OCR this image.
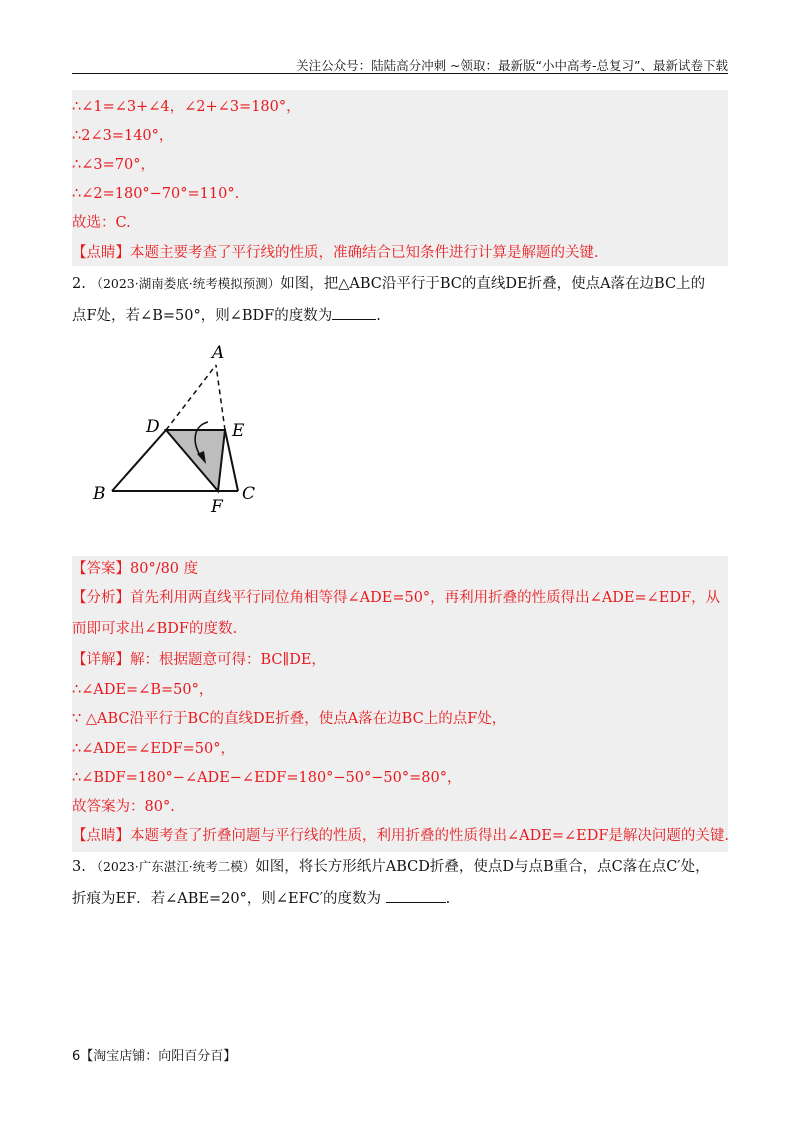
关注公众号：陆陆高分冲刺 ~领取：最新版“小中高考-总复习”、最新试卷下载
∴∠1=∠3+∠4，∠2+∠3=180°，
∴2∠3=140°，
∴∠3=70°，
∴∠2=180°−70°=110°.
故选：C.
【点睛】本题主要考查了平行线的性质，准确结合已知条件进行计算是解题的关键.
2. （2023·湖南娄底·统考模拟预测）如图，把△ABC沿平行于BC的直线DE折叠，使点A落在边BC上的
点F处，若∠B=50°，则∠BDF的度数为	.
A
D	E
B
F
C
【答案】80°/80 度
【分析】首先利用两直线平行同位角相等得∠ADE=50°，再利用折叠的性质得出∠ADE=∠EDF，从
而即可求出∠BDF的度数.
【详解】解：根据题意可得：BC∥DE，
∴∠ADE=∠B=50°，
∵ △ABC沿平行于BC的直线DE折叠，使点A落在边BC上的点F处，
∴∠ADE=∠EDF=50°，
∴∠BDF=180°−∠ADE−∠EDF=180°−50°−50°=80°，
故答案为：80°.
【点睛】本题考查了折叠问题与平行线的性质，利用折叠的性质得出∠ADE=∠EDF是解决问题的关键.
3. （2023·广东湛江·统考二模）如图，将长方形纸片ABCD折叠，使点D与点B重合，点C落在点C′处，
折痕为EF．若∠ABE=20°，则∠EFC′的度数为	.
6【淘宝店铺：向阳百分百】
